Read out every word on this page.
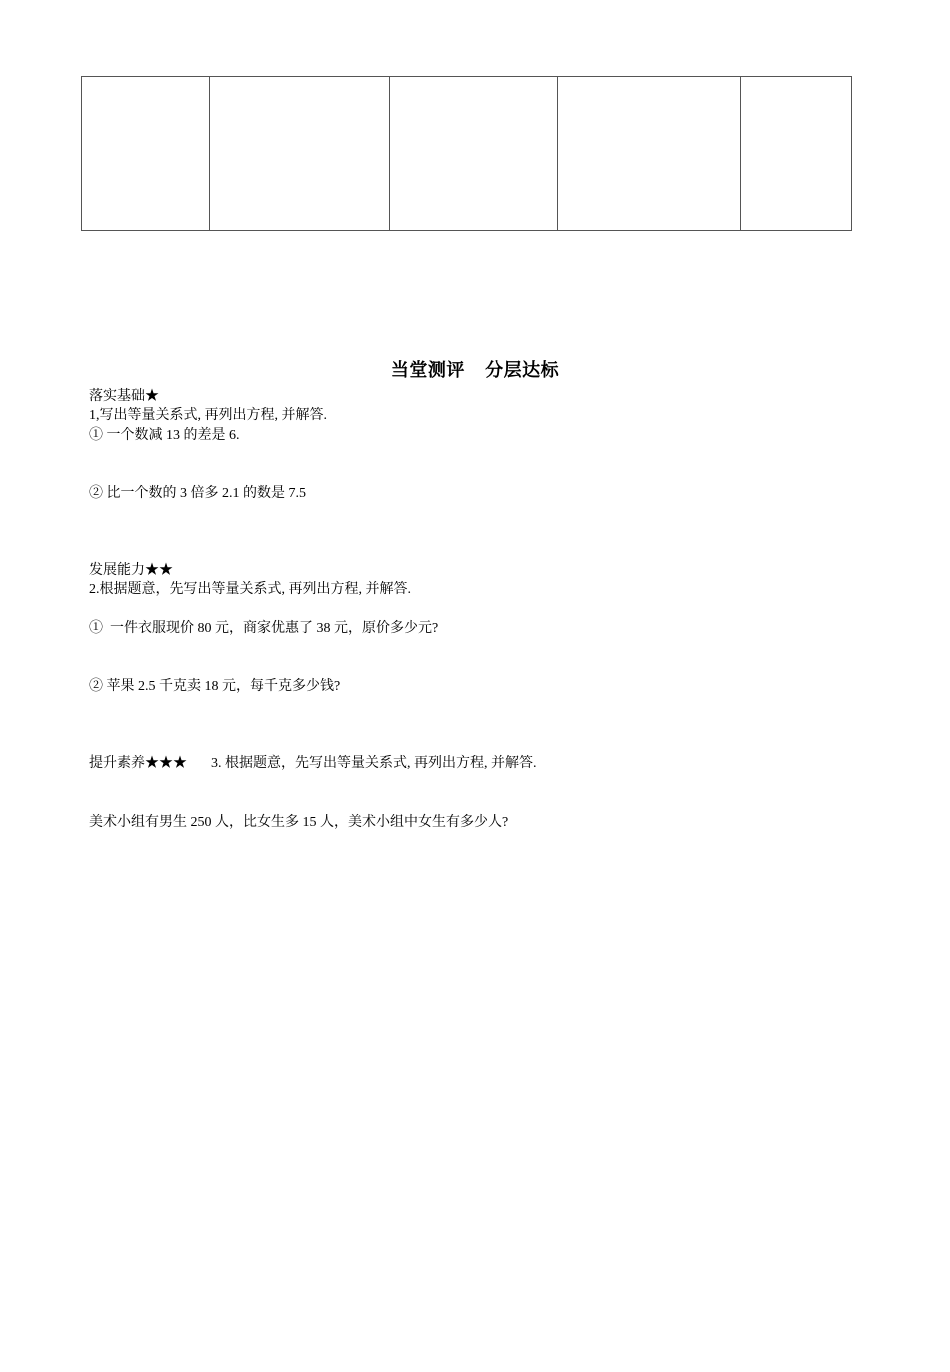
当堂测评   分层达标
落实基础★
1,写出等量关系式, 再列出方程, 并解答.
① 一个数减 13 的差是 6.
② 比一个数的 3 倍多 2.1 的数是 7.5
发展能力★★
2.根据题意，先写出等量关系式, 再列出方程, 并解答.
①  一件衣服现价 80 元，商家优惠了 38 元，原价多少元?
② 苹果 2.5 千克卖 18 元，每千克多少钱?
提升素养★★★ 3. 根据题意，先写出等量关系式, 再列出方程, 并解答.
美术小组有男生 250 人，比女生多 15 人，美术小组中女生有多少人?
